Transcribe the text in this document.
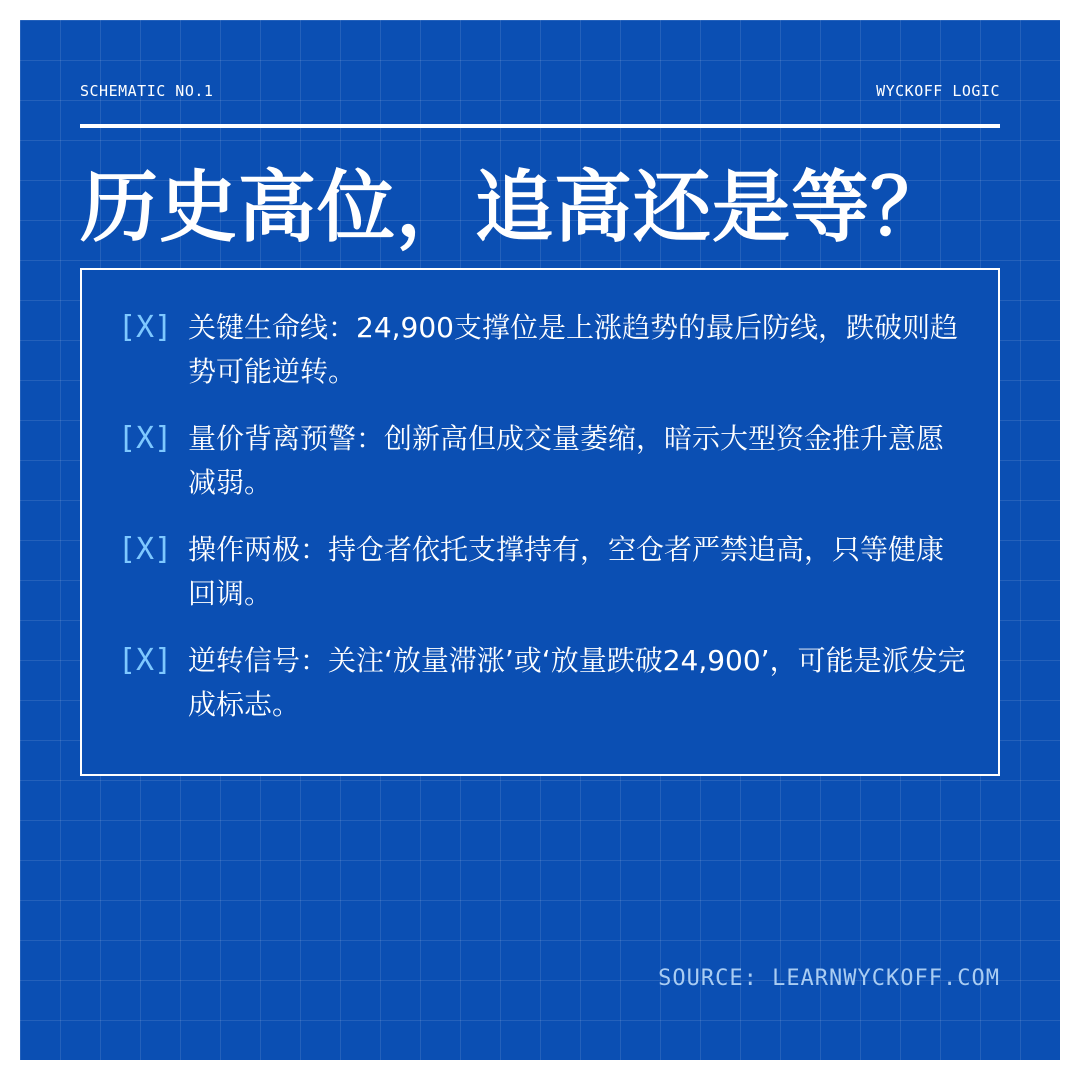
SCHEMATIC NO.1	WYCKOFF LOGIC
历史高位，追高还是等？
[X] 关键生命线：24,900支撑位是上涨趋势的最后防线，跌破则趋势可能逆转。
[X] 量价背离预警：创新高但成交量萎缩，暗示大型资金推升意愿减弱。
[X] 操作两极：持仓者依托支撑持有，空仓者严禁追高，只等健康回调。
[X] 逆转信号：关注‘放量滞涨’或‘放量跌破24,900’，可能是派发完成标志。
SOURCE: LEARNWYCKOFF.COM
